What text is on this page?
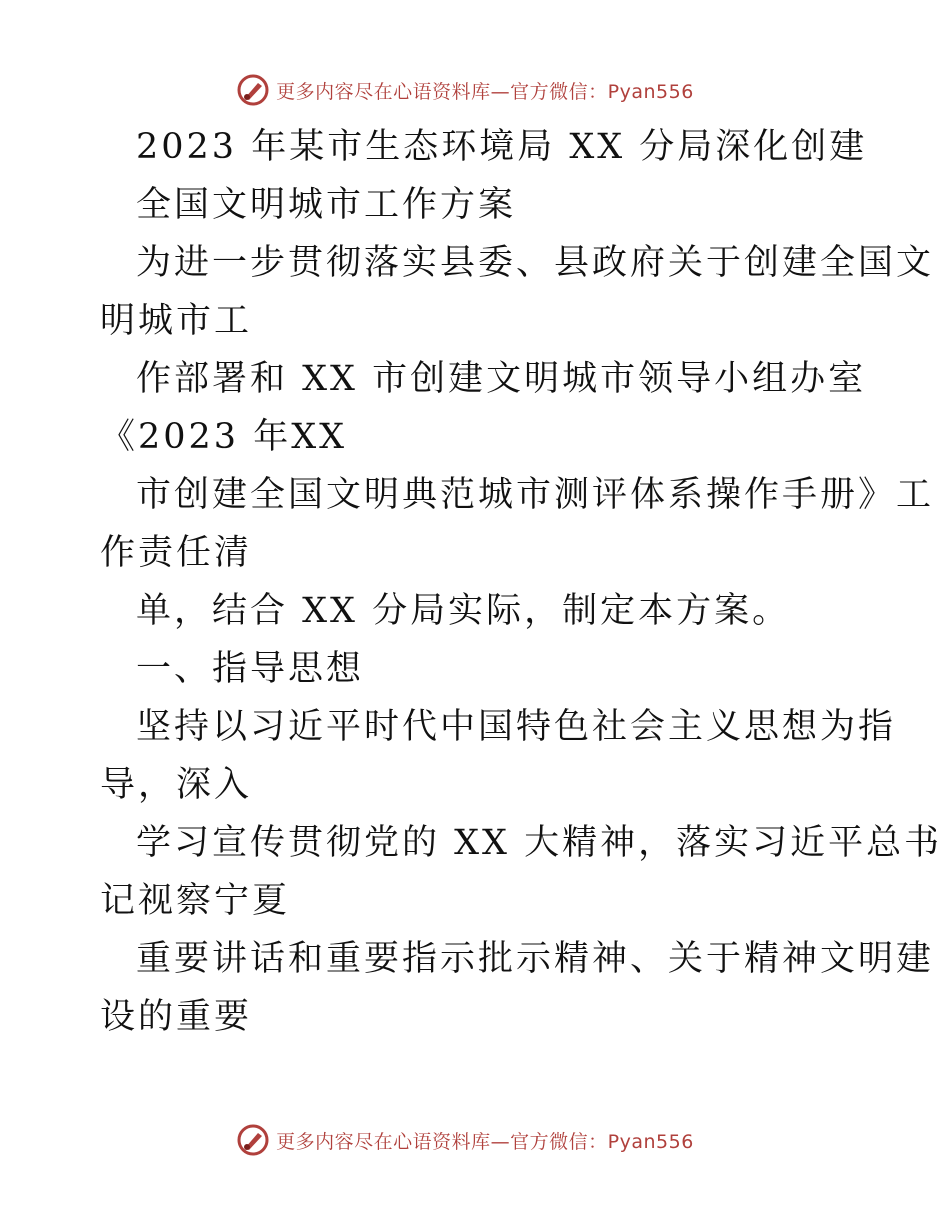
更多内容尽在心语资料库—官方微信：Pyan556
2023 年某市生态环境局 XX 分局深化创建
全国文明城市工作方案
为进一步贯彻落实县委、县政府关于创建全国文
明城市工
作部署和 XX 市创建文明城市领导小组办室
《2023 年XX
市创建全国文明典范城市测评体系操作手册》工
作责任清
单，结合 XX 分局实际，制定本方案。
一、指导思想
坚持以习近平时代中国特色社会主义思想为指
导，深入
学习宣传贯彻党的 XX 大精神，落实习近平总书
记视察宁夏
重要讲话和重要指示批示精神、关于精神文明建
设的重要
更多内容尽在心语资料库—官方微信：Pyan556
